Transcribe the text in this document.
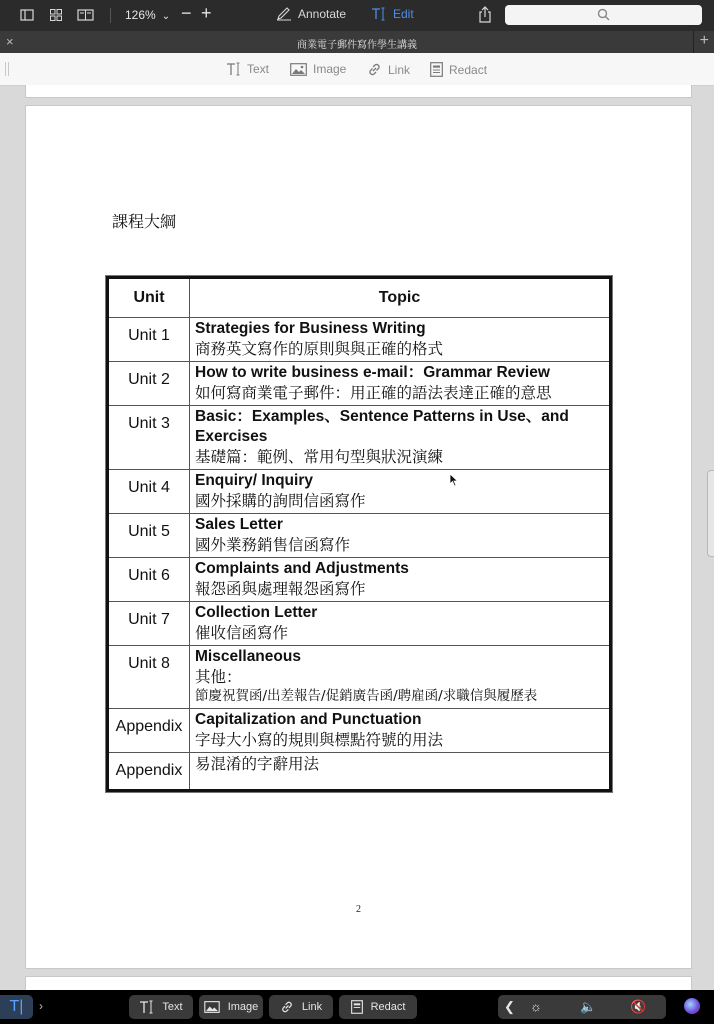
126% ⌄ − +	Annotate	Edit
×	商業電子郵件寫作學生講義	+
Text	Image	Link	Redact
課程大綱
Unit	Topic
Unit 1	Strategies for Business Writing
商務英文寫作的原則與與正確的格式

Unit 2	How to write business e-mail：Grammar Review
如何寫商業電子郵件：用正確的語法表達正確的意思

Unit 3	Basic：Examples、Sentence Patterns in Use、and Exercises
基礎篇：範例、常用句型與狀況演練

Unit 4	Enquiry/ Inquiry
國外採購的詢問信函寫作

Unit 5	Sales Letter
國外業務銷售信函寫作

Unit 6	Complaints and Adjustments
報怨函與處理報怨函寫作

Unit 7	Collection Letter
催收信函寫作

Unit 8	Miscellaneous
其他：
節慶祝賀函/出差報告/促銷廣告函/聘雇函/求職信與履歷表

Appendix	Capitalization and Punctuation
字母大小寫的規則與標點符號的用法

Appendix	易混淆的字辭用法
2
T|	›	Text	Image	Link	Redact	❮ ☼	🔈	🔇
